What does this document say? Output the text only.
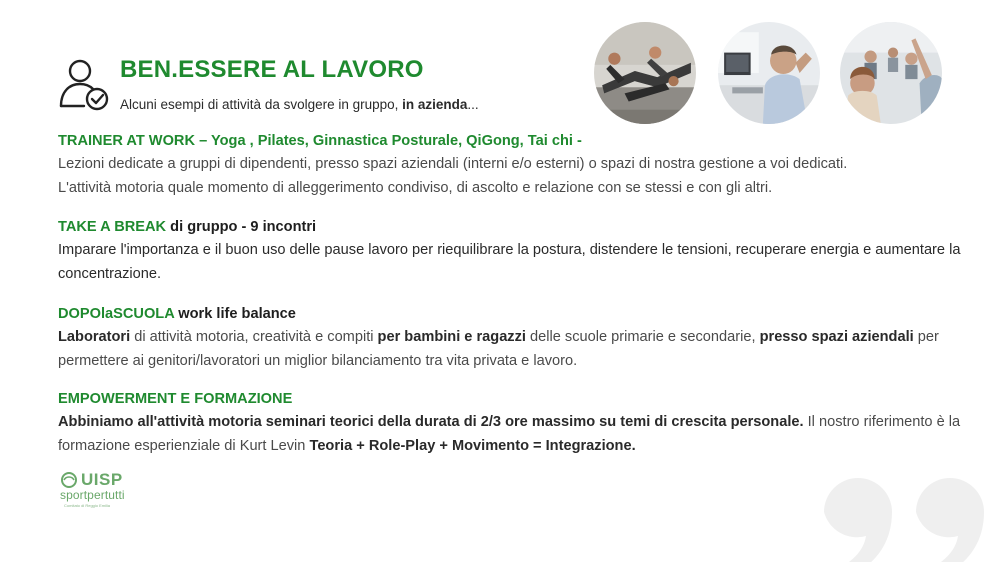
BEN.ESSERE AL LAVORO
Alcuni esempi di attività da svolgere in gruppo, in azienda...
TRAINER AT WORK – Yoga , Pilates, Ginnastica Posturale, QiGong, Tai chi -
Lezioni dedicate a gruppi di dipendenti, presso spazi aziendali (interni e/o esterni) o spazi di nostra gestione a voi dedicati.
L'attività motoria quale momento di alleggerimento condiviso, di ascolto e relazione con se stessi e con gli altri.
TAKE A BREAK di gruppo - 9 incontri
Imparare l'importanza e il buon uso delle pause lavoro per riequilibrare la postura, distendere le tensioni, recuperare energia e aumentare la concentrazione.
DOPOlaSCUOLA work life balance
Laboratori di attività motoria, creatività e compiti per bambini e ragazzi delle scuole primarie e secondarie, presso spazi aziendali per permettere ai genitori/lavoratori un miglior bilanciamento tra vita privata e lavoro.
EMPOWERMENT E FORMAZIONE
Abbiniamo all'attività motoria seminari teorici della durata di 2/3 ore massimo su temi di crescita personale. Il nostro riferimento è la formazione esperienziale di Kurt Levin Teoria + Role-Play + Movimento = Integrazione.
UISP
sportpertutti
Comitato di Reggio Emilia
